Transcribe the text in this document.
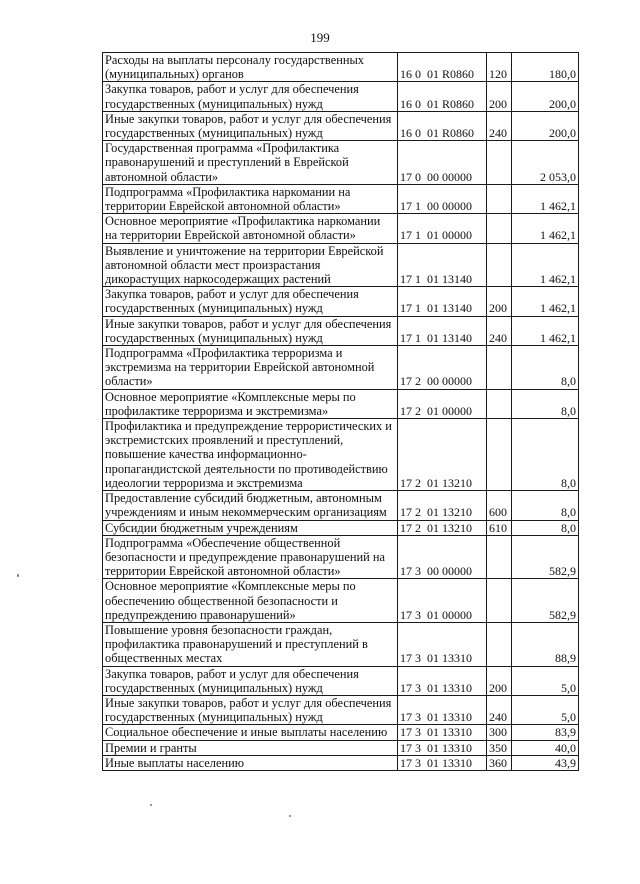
199
Расходы на выплаты персоналу государственных (муниципальных) органов	16 0  01 R0860	120	180,0
Закупка товаров, работ и услуг для обеспечения государственных (муниципальных) нужд	16 0  01 R0860	200	200,0
Иные закупки товаров, работ и услуг для обеспечения государственных (муниципальных) нужд	16 0  01 R0860	240	200,0
Государственная программа «Профилактика правонарушений и преступлений в Еврейской автономной области»	17 0  00 00000		2 053,0
Подпрограмма «Профилактика наркомании на территории Еврейской автономной области»	17 1  00 00000		1 462,1
Основное мероприятие «Профилактика наркомании на территории Еврейской автономной области»	17 1  01 00000		1 462,1
Выявление и уничтожение на территории Еврейской автономной области мест произрастания дикорастущих наркосодержащих растений	17 1  01 13140		1 462,1
Закупка товаров, работ и услуг для обеспечения государственных (муниципальных) нужд	17 1  01 13140	200	1 462,1
Иные закупки товаров, работ и услуг для обеспечения государственных (муниципальных) нужд	17 1  01 13140	240	1 462,1
Подпрограмма «Профилактика терроризма и экстремизма на территории Еврейской автономной области»	17 2  00 00000		8,0
Основное мероприятие «Комплексные меры по профилактике терроризма и экстремизма»	17 2  01 00000		8,0
Профилактика и предупреждение террористических и экстремистских проявлений и преступлений, повышение качества информационно-пропагандистской деятельности по противодействию идеологии терроризма и экстремизма	17 2  01 13210		8,0
Предоставление субсидий бюджетным, автономным учреждениям и иным некоммерческим организациям	17 2  01 13210	600	8,0
Субсидии бюджетным учреждениям	17 2  01 13210	610	8,0
Подпрограмма «Обеспечение общественной безопасности и предупреждение правонарушений на территории Еврейской автономной области»	17 3  00 00000		582,9
Основное мероприятие «Комплексные меры по обеспечению общественной безопасности и предупреждению правонарушений»	17 3  01 00000		582,9
Повышение уровня безопасности граждан, профилактика правонарушений и преступлений в общественных местах	17 3  01 13310		88,9
Закупка товаров, работ и услуг для обеспечения государственных (муниципальных) нужд	17 3  01 13310	200	5,0
Иные закупки товаров, работ и услуг для обеспечения государственных (муниципальных) нужд	17 3  01 13310	240	5,0
Социальное обеспечение и иные выплаты населению	17 3  01 13310	300	83,9
Премии и гранты	17 3  01 13310	350	40,0
Иные выплаты населению	17 3  01 13310	360	43,9
